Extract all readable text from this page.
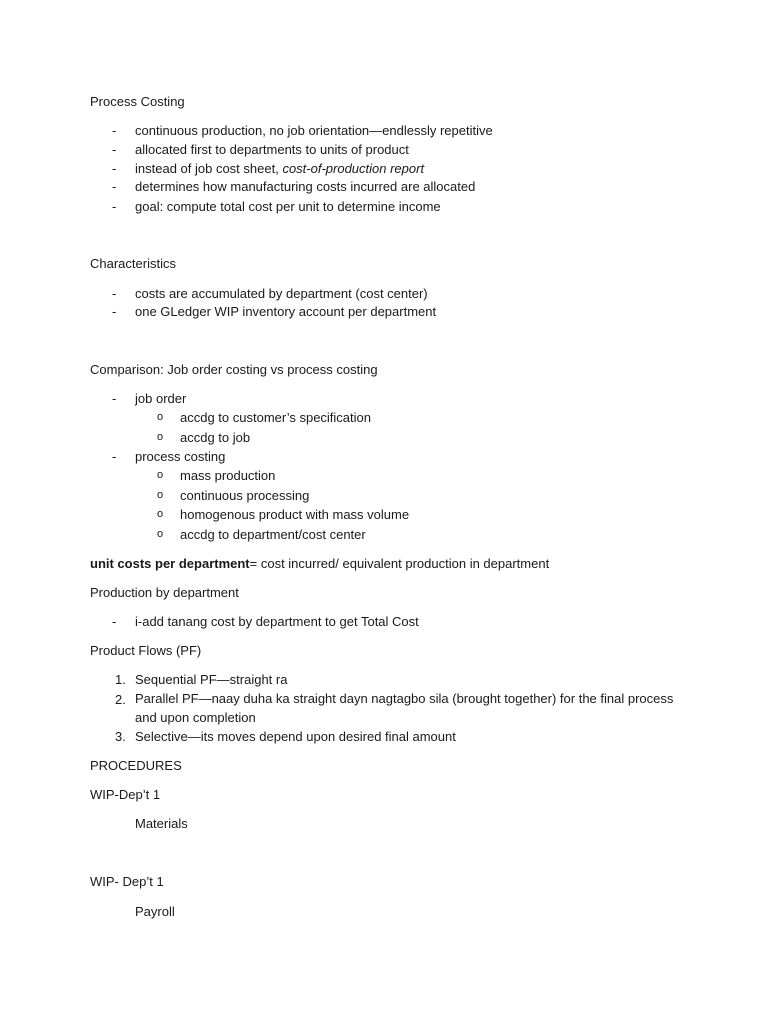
Process Costing
- continuous production, no job orientation—endlessly repetitive
- allocated first to departments to units of product
- instead of job cost sheet, cost-of-production report
- determines how manufacturing costs incurred are allocated
- goal: compute total cost per unit to determine income
Characteristics
- costs are accumulated by department (cost center)
- one GLedger WIP inventory account per department
Comparison: Job order costing vs process costing
- job order
o accdg to customer’s specification
o accdg to job
- process costing
o mass production
o continuous processing
o homogenous product with mass volume
o accdg to department/cost center
unit costs per department= cost incurred/ equivalent production in department
Production by department
- i-add tanang cost by department to get Total Cost
Product Flows (PF)
1. Sequential PF—straight ra
2. Parallel PF—naay duha ka straight dayn nagtagbo sila (brought together) for the final process and upon completion
3. Selective—its moves depend upon desired final amount
PROCEDURES
WIP-Dep’t 1
Materials
WIP- Dep’t 1
Payroll
